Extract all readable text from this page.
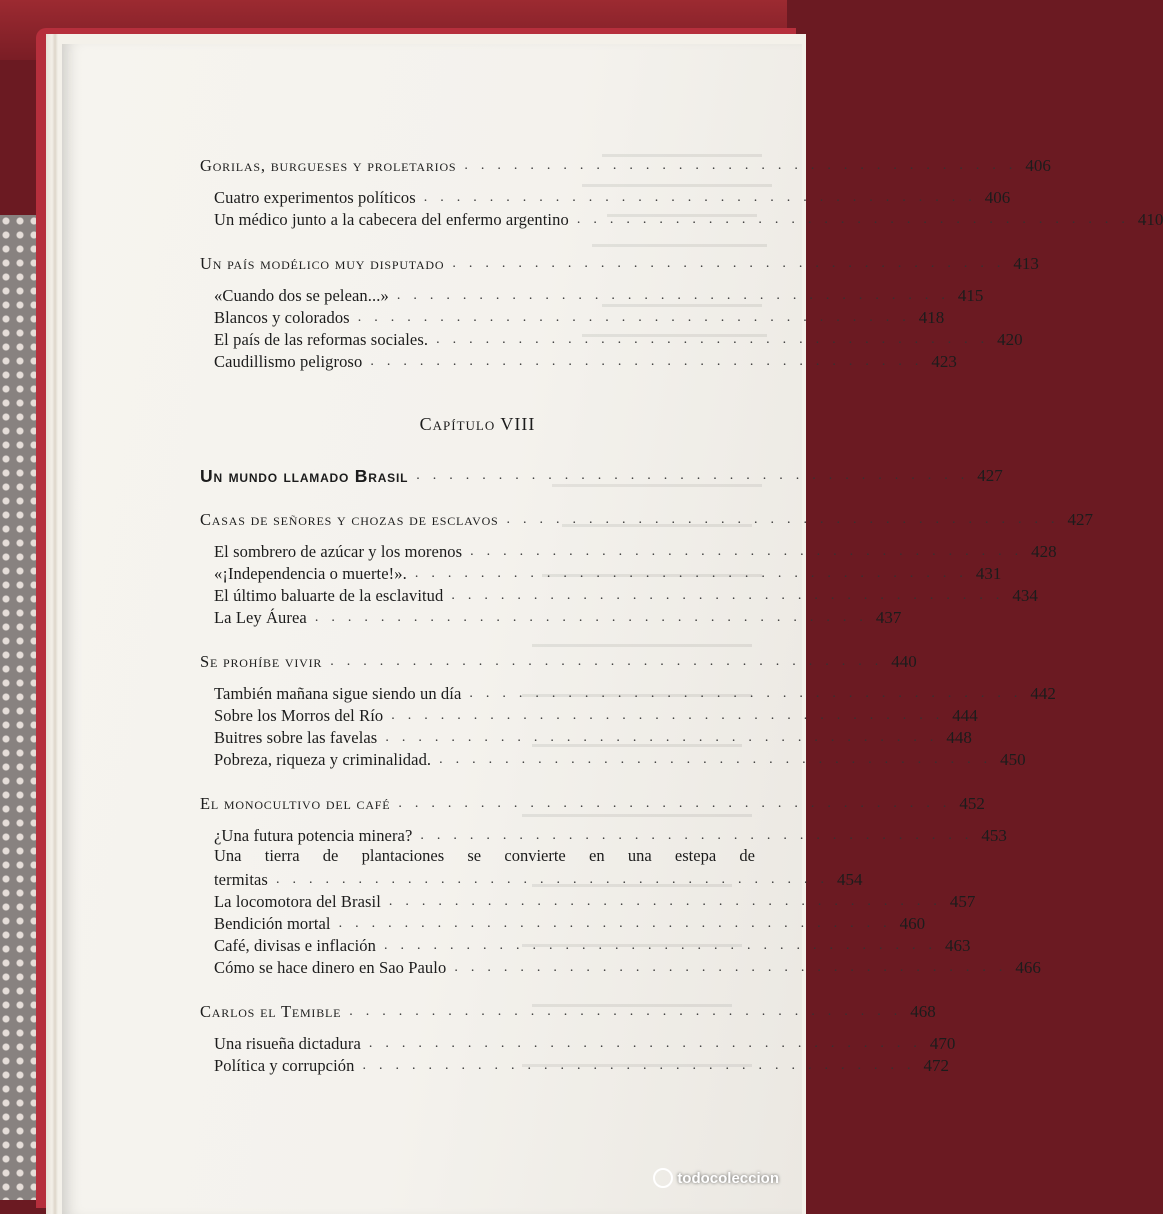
Gorilas, burgueses y proletarios .................................. 406
Cuatro experimentos políticos .................................. 406
Un médico junto a la cabecera del enfermo argentino .................................. 410
Un país modélico muy disputado .................................. 413
«Cuando dos se pelean...» .................................. 415
Blancos y colorados .................................. 418
El país de las reformas sociales. .................................. 420
Caudillismo peligroso .................................. 423
Capítulo VIII
Un mundo llamado Brasil .................................. 427
Casas de señores y chozas de esclavos .................................. 427
El sombrero de azúcar y los morenos .................................. 428
«¡Independencia o muerte!». .................................. 431
El último baluarte de la esclavitud .................................. 434
La Ley Áurea .................................. 437
Se prohíbe vivir .................................. 440
También mañana sigue siendo un día .................................. 442
Sobre los Morros del Río .................................. 444
Buitres sobre las favelas .................................. 448
Pobreza, riqueza y criminalidad. .................................. 450
El monocultivo del café .................................. 452
¿Una futura potencia minera? .................................. 453
Una tierra de plantaciones se convierte en una estepa de
termitas .................................. 454
La locomotora del Brasil .................................. 457
Bendición mortal .................................. 460
Café, divisas e inflación .................................. 463
Cómo se hace dinero en Sao Paulo .................................. 466
Carlos el Temible .................................. 468
Una risueña dictadura .................................. 470
Política y corrupción .................................. 472
todocoleccion
